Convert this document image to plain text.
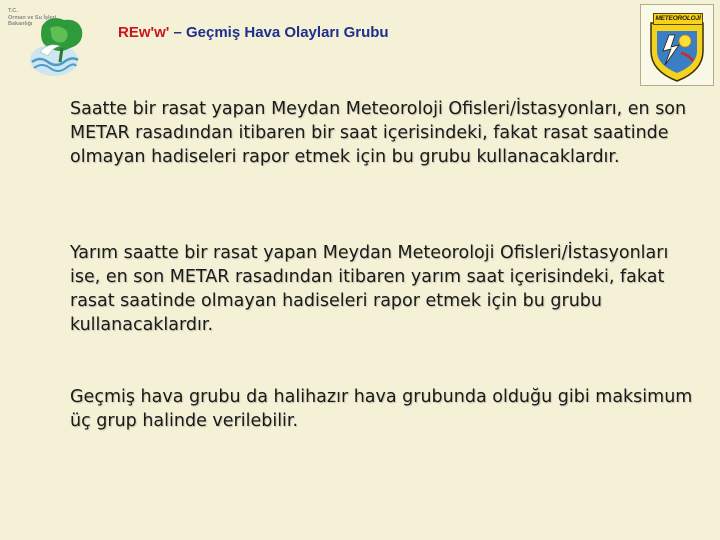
T.C.
Orman ve Su İşleri
Bakanlığı	REw'w' – Geçmiş Hava Olayları Grubu
METEOROLOJİ

Saatte bir rasat yapan Meydan Meteoroloji Ofisleri/İstasyonları, en son METAR rasadından itibaren bir saat içerisindeki, fakat rasat saatinde olmayan hadiseleri rapor etmek için bu grubu kullanacaklardır.

Yarım saatte bir rasat yapan Meydan Meteoroloji Ofisleri/İstasyonları ise, en son METAR rasadından itibaren yarım saat içerisindeki, fakat rasat saatinde olmayan hadiseleri rapor etmek için bu grubu kullanacaklardır.

Geçmiş hava grubu da halihazır hava grubunda olduğu gibi maksimum üç grup halinde verilebilir.
